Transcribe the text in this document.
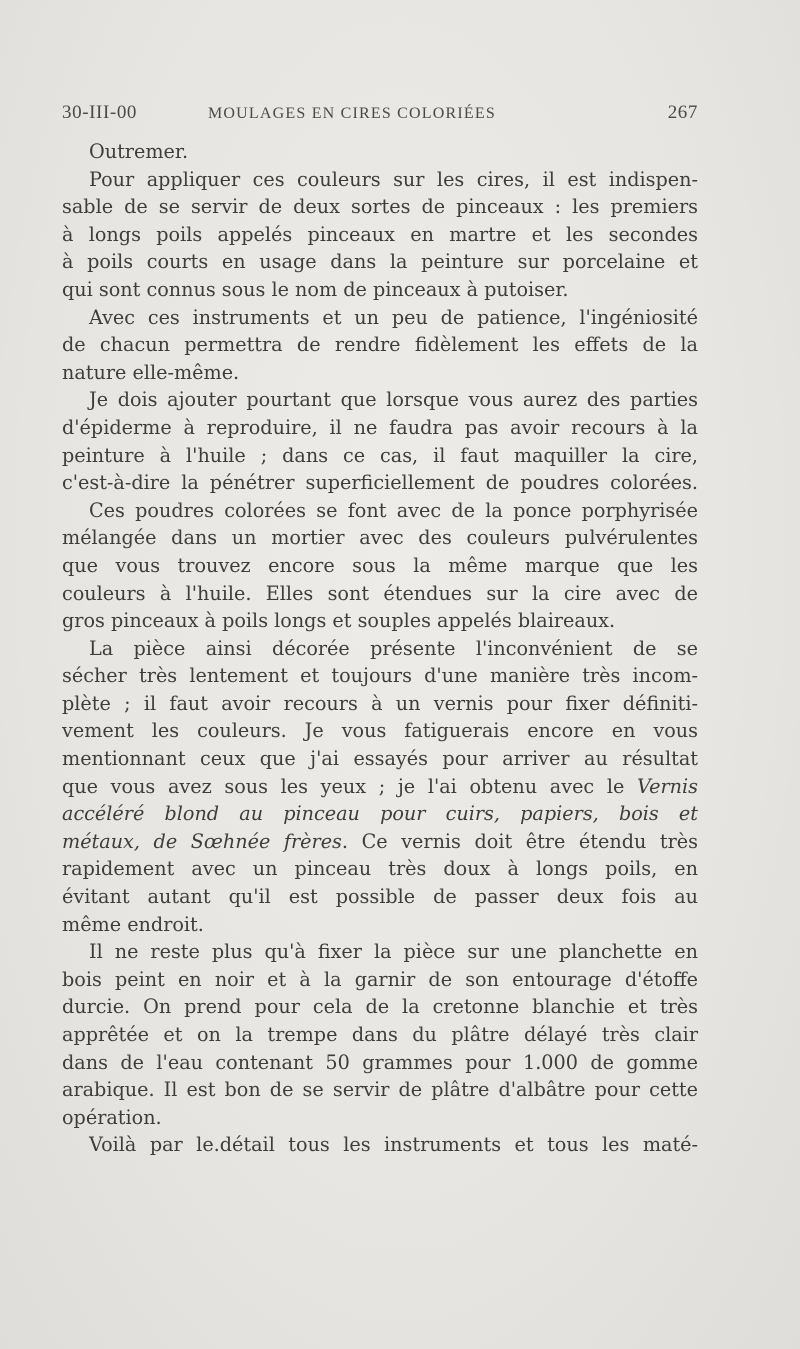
30-III-00	MOULAGES EN CIRES COLORIÉES	267
Outremer.
Pour appliquer ces couleurs sur les cires, il est indispen-
sable de se servir de deux sortes de pinceaux : les premiers
à longs poils appelés pinceaux en martre et les secondes
à poils courts en usage dans la peinture sur porcelaine et
qui sont connus sous le nom de pinceaux à putoiser.
Avec ces instruments et un peu de patience, l'ingéniosité
de chacun permettra de rendre fidèlement les effets de la
nature elle-même.
Je dois ajouter pourtant que lorsque vous aurez des parties
d'épiderme à reproduire, il ne faudra pas avoir recours à la
peinture à l'huile ; dans ce cas, il faut maquiller la cire,
c'est-à-dire la pénétrer superficiellement de poudres colorées.
Ces poudres colorées se font avec de la ponce porphyrisée
mélangée dans un mortier avec des couleurs pulvérulentes
que vous trouvez encore sous la même marque que les
couleurs à l'huile. Elles sont étendues sur la cire avec de
gros pinceaux à poils longs et souples appelés blaireaux.
La pièce ainsi décorée présente l'inconvénient de se
sécher très lentement et toujours d'une manière très incom-
plète ; il faut avoir recours à un vernis pour fixer définiti-
vement les couleurs. Je vous fatiguerais encore en vous
mentionnant ceux que j'ai essayés pour arriver au résultat
que vous avez sous les yeux ; je l'ai obtenu avec le Vernis
accéléré blond au pinceau pour cuirs, papiers, bois et
métaux, de Sœhnée frères. Ce vernis doit être étendu très
rapidement avec un pinceau très doux à longs poils, en
évitant autant qu'il est possible de passer deux fois au
même endroit.
Il ne reste plus qu'à fixer la pièce sur une planchette en
bois peint en noir et à la garnir de son entourage d'étoffe
durcie. On prend pour cela de la cretonne blanchie et très
apprêtée et on la trempe dans du plâtre délayé très clair
dans de l'eau contenant 50 grammes pour 1.000 de gomme
arabique. Il est bon de se servir de plâtre d'albâtre pour cette
opération.
Voilà par le.détail tous les instruments et tous les maté-
